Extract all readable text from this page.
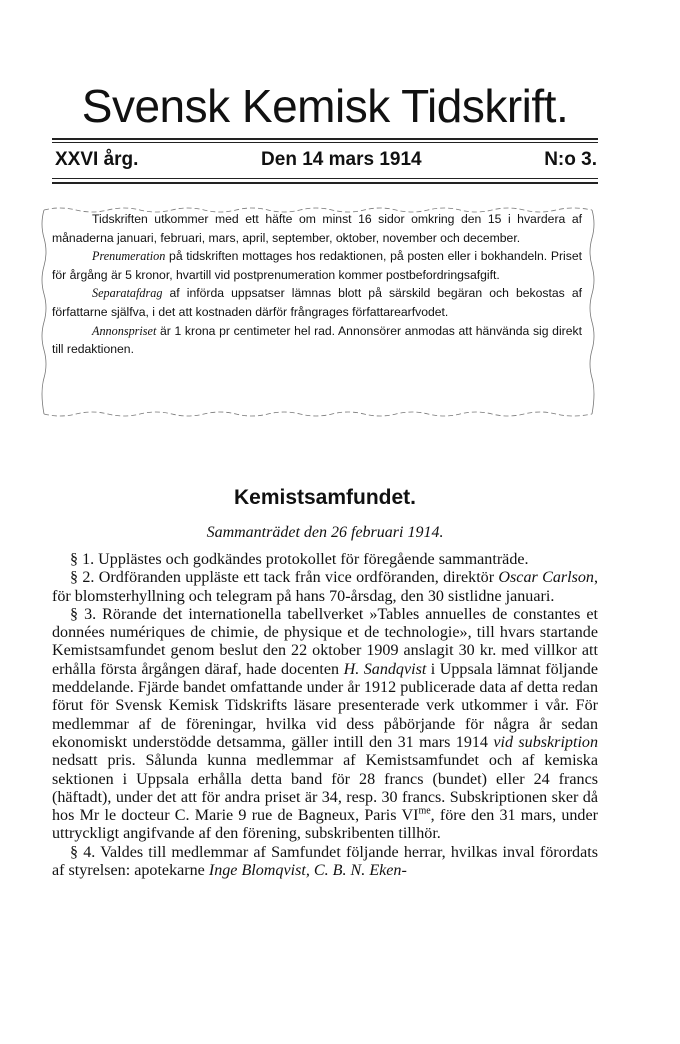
Svensk Kemisk Tidskrift.
XXVI årg.	Den 14 mars 1914	N:o 3.

Tidskriften utkommer med ett häfte om minst 16 sidor omkring den 15 i hvardera af månaderna januari, februari, mars, april, september, oktober, november och december.

Prenumeration på tidskriften mottages hos redaktionen, på posten eller i bokhandeln. Priset för årgång är 5 kronor, hvartill vid postprenumeration kommer postbefordringsafgift.

Separatafdrag af införda uppsatser lämnas blott på särskild begäran och bekostas af författarne själfva, i det att kostnaden därför frångrages författarearfvodet.

Annonspriset är 1 krona pr centimeter hel rad. Annonsörer anmodas att hänvända sig direkt till redaktionen.

Kemistsamfundet.
Sammanträdet den 26 februari 1914.

§ 1. Upplästes och godkändes protokollet för föregående sammanträde.

§ 2. Ordföranden uppläste ett tack från vice ordföranden, direktör Oscar Carlson, för blomsterhyllning och telegram på hans 70-årsdag, den 30 sistlidne januari.

§ 3. Rörande det internationella tabellverket »Tables annuelles de constantes et données numériques de chimie, de physique et de technologie», till hvars startande Kemistsamfundet genom beslut den 22 oktober 1909 anslagit 30 kr. med villkor att erhålla första årgången däraf, hade docenten H. Sandqvist i Uppsala lämnat följande meddelande. Fjärde bandet omfattande under år 1912 publicerade data af detta redan förut för Svensk Kemisk Tidskrifts läsare presenterade verk utkommer i vår. För medlemmar af de föreningar, hvilka vid dess påbörjande för några år sedan ekonomiskt understödde detsamma, gäller intill den 31 mars 1914 vid subskription nedsatt pris. Sålunda kunna medlemmar af Kemistsamfundet och af kemiska sektionen i Uppsala erhålla detta band för 28 francs (bundet) eller 24 francs (häftadt), under det att för andra priset är 34, resp. 30 francs. Subskriptionen sker då hos Mr le docteur C. Marie 9 rue de Bagneux, Paris $VI^{me}$, före den 31 mars, under uttryckligt angifvande af den förening, subskribenten tillhör.

§ 4. Valdes till medlemmar af Samfundet följande herrar, hvilkas inval förordats af styrelsen: apotekarne Inge Blomqvist, C. B. N. Eken-
